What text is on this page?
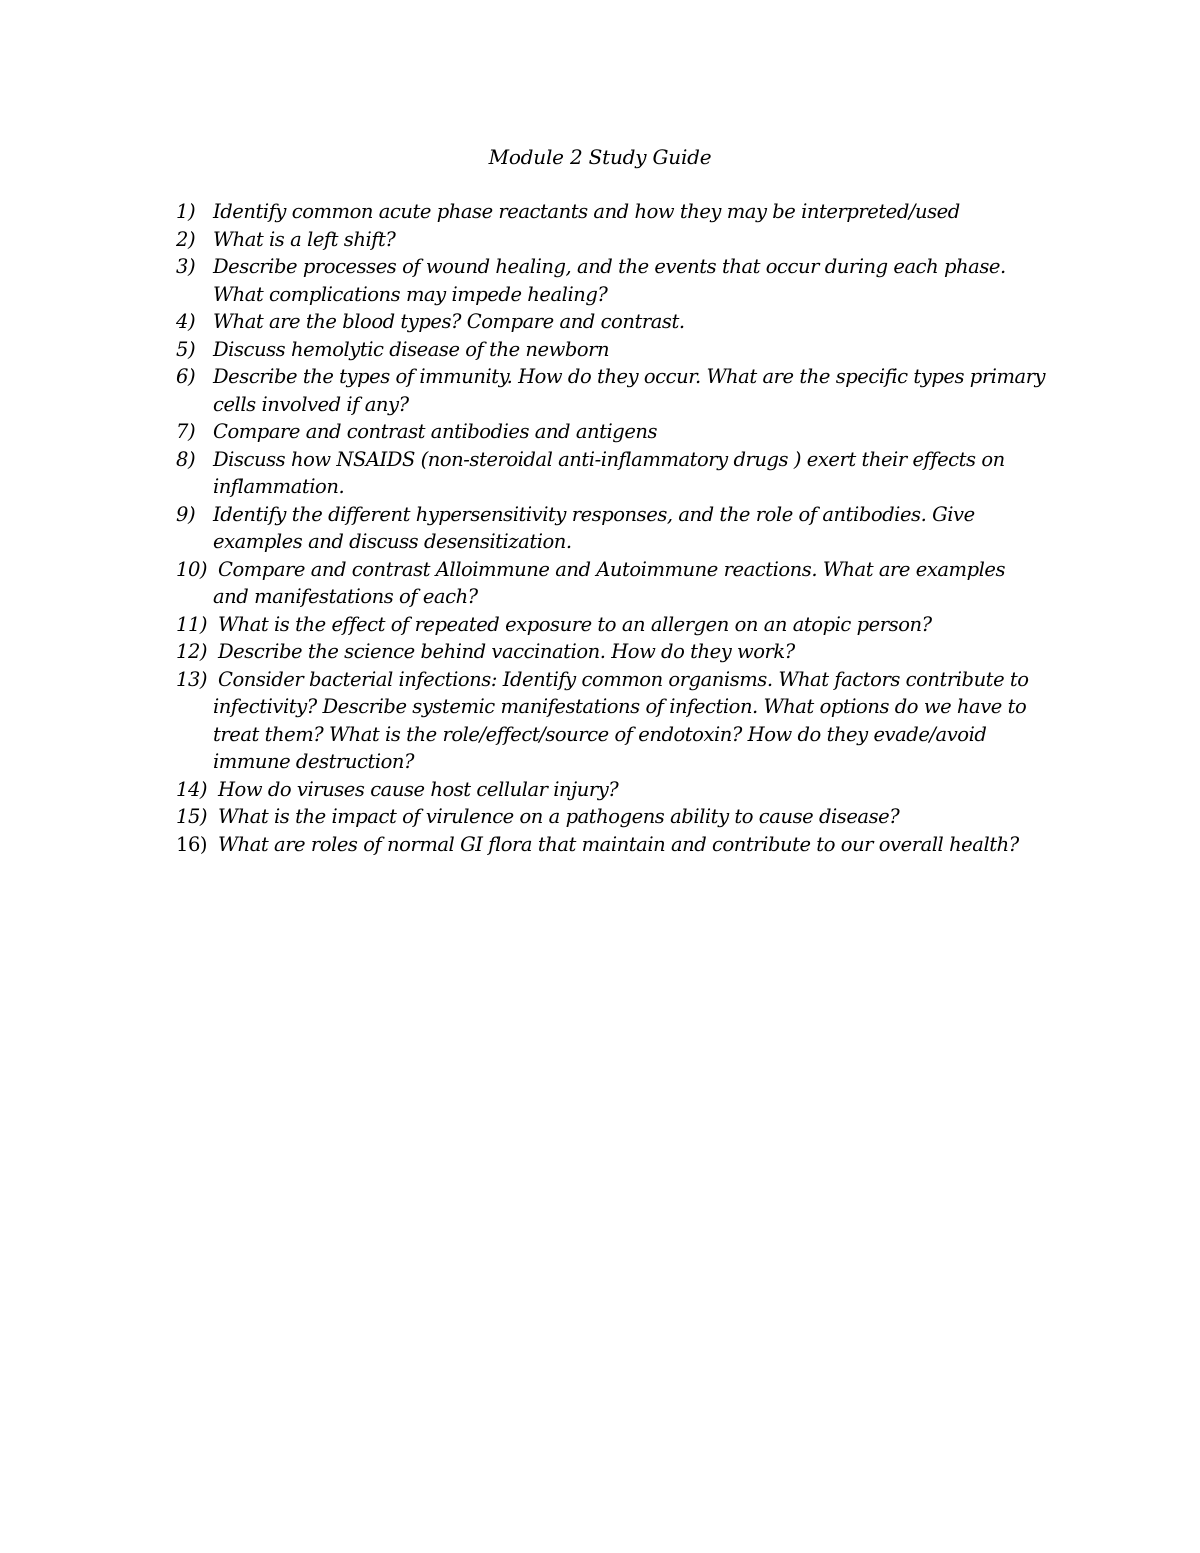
Module 2 Study Guide
1) Identify common acute phase reactants and how they may be interpreted/used
2) What is a left shift?
3) Describe processes of wound healing, and the events that occur during each phase.
What complications may impede healing?
4) What are the blood types? Compare and contrast.
5) Discuss hemolytic disease of the newborn
6) Describe the types of immunity. How do they occur. What are the specific types primary
cells involved if any?
7) Compare and contrast antibodies and antigens
8) Discuss how NSAIDS (non-steroidal anti-inflammatory drugs ) exert their effects on
inflammation.
9) Identify the different hypersensitivity responses, and the role of antibodies. Give
examples and discuss desensitization.
10) Compare and contrast Alloimmune and Autoimmune reactions. What are examples
and manifestations of each?
11) What is the effect of repeated exposure to an allergen on an atopic person?
12) Describe the science behind vaccination. How do they work?
13) Consider bacterial infections: Identify common organisms. What factors contribute to
infectivity? Describe systemic manifestations of infection. What options do we have to
treat them? What is the role/effect/source of endotoxin? How do they evade/avoid
immune destruction?
14) How do viruses cause host cellular injury?
15) What is the impact of virulence on a pathogens ability to cause disease?
16) What are roles of normal GI flora that maintain and contribute to our overall health?
